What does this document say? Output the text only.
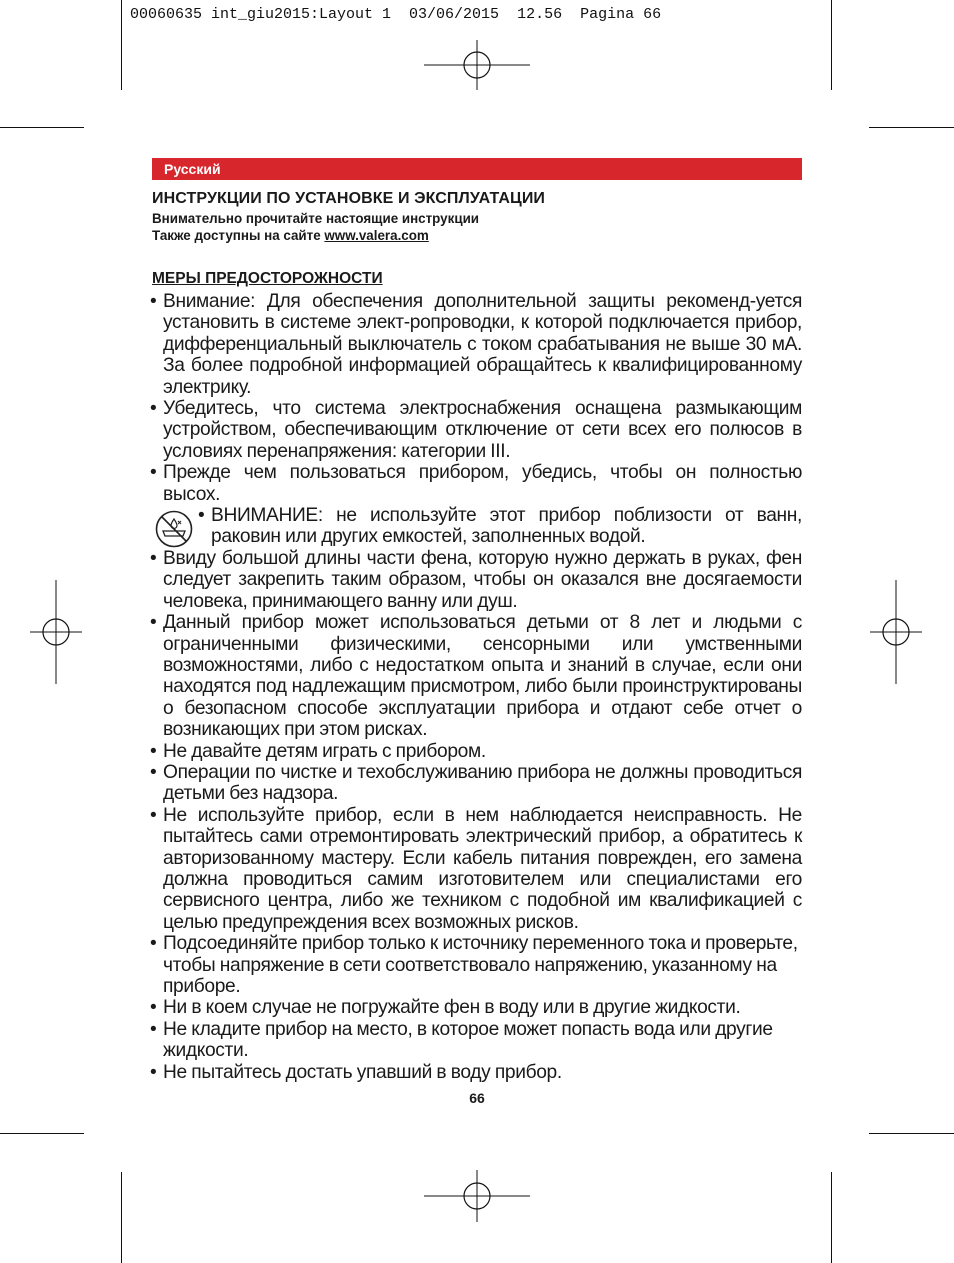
00060635 int_giu2015:Layout 1  03/06/2015  12.56  Pagina 66
Русский
ИНСТРУКЦИИ ПО УСТАНОВКЕ И ЭКСПЛУАТАЦИИ
Внимательно прочитайте настоящие инструкции
Также доступны на сайте www.valera.com
МЕРЫ ПРЕДОСТОРОЖНОСТИ

• Внимание: Для обеспечения дополнительной защиты рекоменд-уется установить в системе элект-ропроводки, к которой подключается прибор, дифференциальный выключатель с током срабатывания не выше 30 мА. За более подробной информацией обращайтесь к квалифицированному электрику.

• Убедитесь, что система электроснабжения оснащена размыкающим устройством, обеспечивающим отключение от сети всех его полюсов в условиях перенапряжения: категории III.

• Прежде чем пользоваться прибором, убедись, чтобы он полностью высох.

• ВНИМАНИЕ: не используйте этот прибор поблизости от ванн, раковин или других емкостей, заполненных водой.

• Ввиду большой длины части фена, которую нужно держать в руках, фен следует закрепить таким образом, чтобы он оказался вне досягаемости человека, принимающего ванну или душ.

• Данный прибор может использоваться детьми от 8 лет и людьми с ограниченными физическими, сенсорными или умственными возможностями, либо с недостатком опыта и знаний в случае, если они находятся под надлежащим присмотром, либо были проинструктированы о безопасном способе эксплуатации прибора и отдают себе отчет о возникающих при этом рисках.

• Не давайте детям играть с прибором.

• Операции по чистке и техобслуживанию прибора не должны проводиться детьми без надзора.

• Не используйте прибор, если в нем наблюдается неисправность. Не пытайтесь сами отремонтировать электрический прибор, а обратитесь к авторизованному мастеру. Если кабель питания поврежден, его замена должна проводиться самим изготовителем или специалистами его сервисного центра, либо же техником с подобной им квалификацией с целью предупреждения всех возможных рисков.

• Подсоединяйте прибор только к источнику переменного тока и проверьте, чтобы напряжение в сети соответствовало напряжению, указанному на приборе.

• Ни в коем случае не погружайте фен в воду или в другие жидкости.

• Не кладите прибор на место, в которое может попасть вода или другие жидкости.

• Не пытайтесь достать упавший в воду прибор.

66
